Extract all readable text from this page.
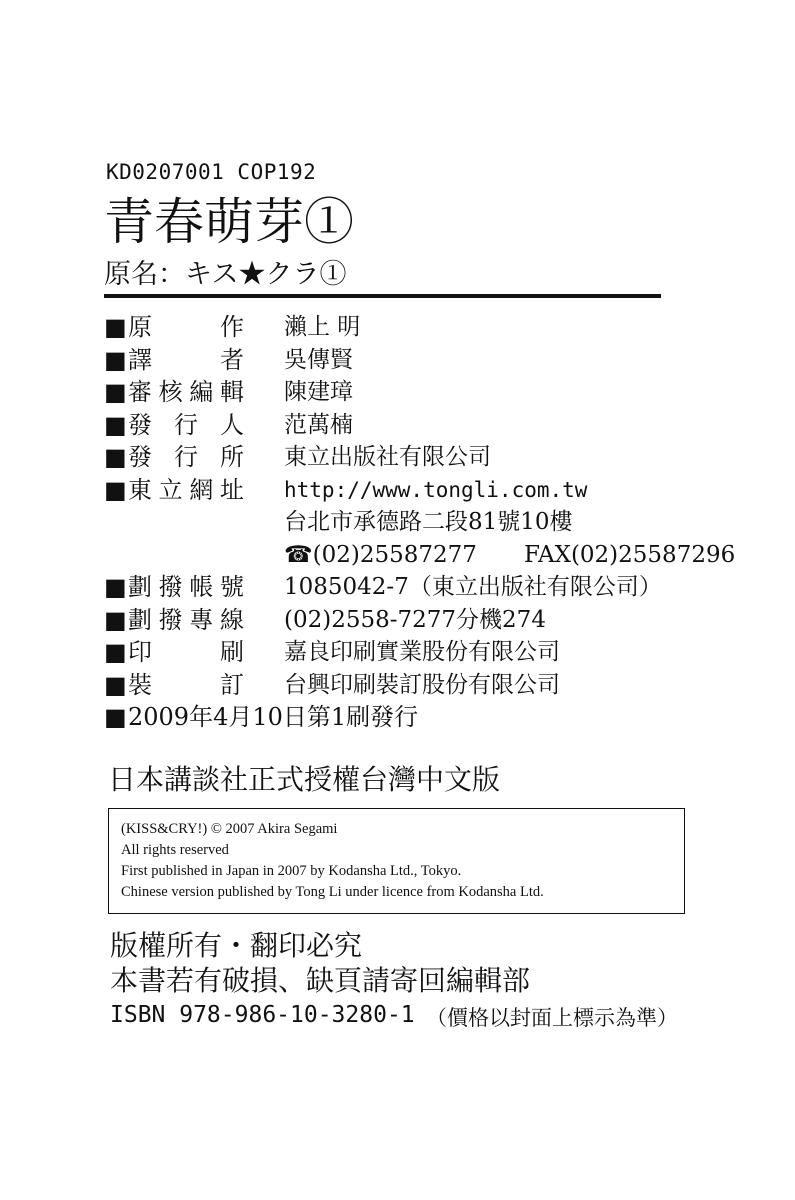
KD0207001 COP192
青春萌芽①
原名：キス★クラ①
■ 原	作 瀨上 明
■ 譯	者 吳傳賢
■ 審 核 編 輯 陳建璋
■ 發 行 人 范萬楠
■ 發 行 所 東立出版社有限公司
■ 東 立 網 址 http://www.tongli.com.tw
台北市承德路二段81號10樓
☎(02)25587277 FAX(02)25587296
■ 劃 撥 帳 號 1085042-7（東立出版社有限公司）
■ 劃 撥 專 線 (02)2558-7277分機274
■ 印	刷 嘉良印刷實業股份有限公司
■ 裝	訂 台興印刷裝訂股份有限公司
■ 2009年4月10日第1刷發行
日本講談社正式授權台灣中文版
(KISS&CRY!) © 2007 Akira Segami
All rights reserved
First published in Japan in 2007 by Kodansha Ltd., Tokyo.
Chinese version published by Tong Li under licence from Kodansha Ltd.
版權所有・翻印必究
本書若有破損、缺頁請寄回編輯部
ISBN 978-986-10-3280-1 （價格以封面上標示為準）
